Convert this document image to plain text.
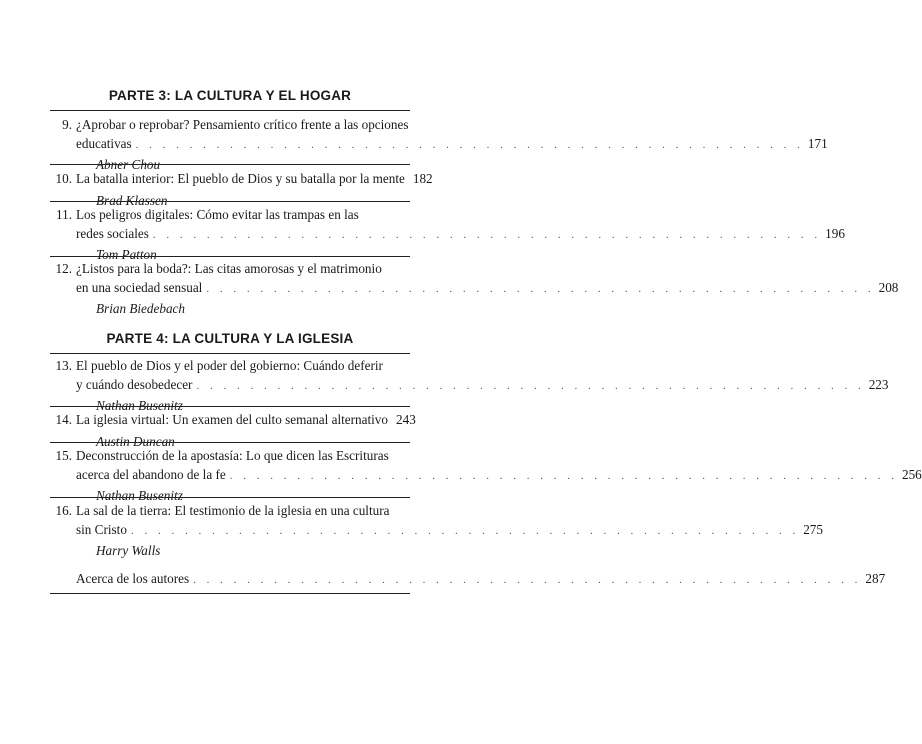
PARTE 3: LA CULTURA Y EL HOGAR
9. ¿Aprobar o reprobar? Pensamiento crítico frente a las opciones
educativas . . . . . . . . . . . . . . . . . . . . . . . . . . . . . . . . . . . . . . . . . . . . . . . . . . 171
Abner Chou
10. La batalla interior: El pueblo de Dios y su batalla por la mente 182
Brad Klassen
11. Los peligros digitales: Cómo evitar las trampas en las
redes sociales . . . . . . . . . . . . . . . . . . . . . . . . . . . . . . . . . . . . . . . . . . . . . . . . . . 196
Tom Patton
12. ¿Listos para la boda?: Las citas amorosas y el matrimonio
en una sociedad sensual . . . . . . . . . . . . . . . . . . . . . . . . . . . . . . . . . . . . . . . . . . . . . . . . . . 208
Brian Biedebach
PARTE 4: LA CULTURA Y LA IGLESIA
13. El pueblo de Dios y el poder del gobierno: Cuándo deferir
y cuándo desobedecer . . . . . . . . . . . . . . . . . . . . . . . . . . . . . . . . . . . . . . . . . . . . . . . . . . 223
Nathan Busenitz
14. La iglesia virtual: Un examen del culto semanal alternativo 243
Austin Duncan
15. Deconstrucción de la apostasía: Lo que dicen las Escrituras
acerca del abandono de la fe . . . . . . . . . . . . . . . . . . . . . . . . . . . . . . . . . . . . . . . . . . . . . . . . . . 256
Nathan Busenitz
16. La sal de la tierra: El testimonio de la iglesia en una cultura
sin Cristo . . . . . . . . . . . . . . . . . . . . . . . . . . . . . . . . . . . . . . . . . . . . . . . . . . 275
Harry Walls
Acerca de los autores . . . . . . . . . . . . . . . . . . . . . . . . . . . . . . . . . . . . . . . . . . . . . . . . . . 287
